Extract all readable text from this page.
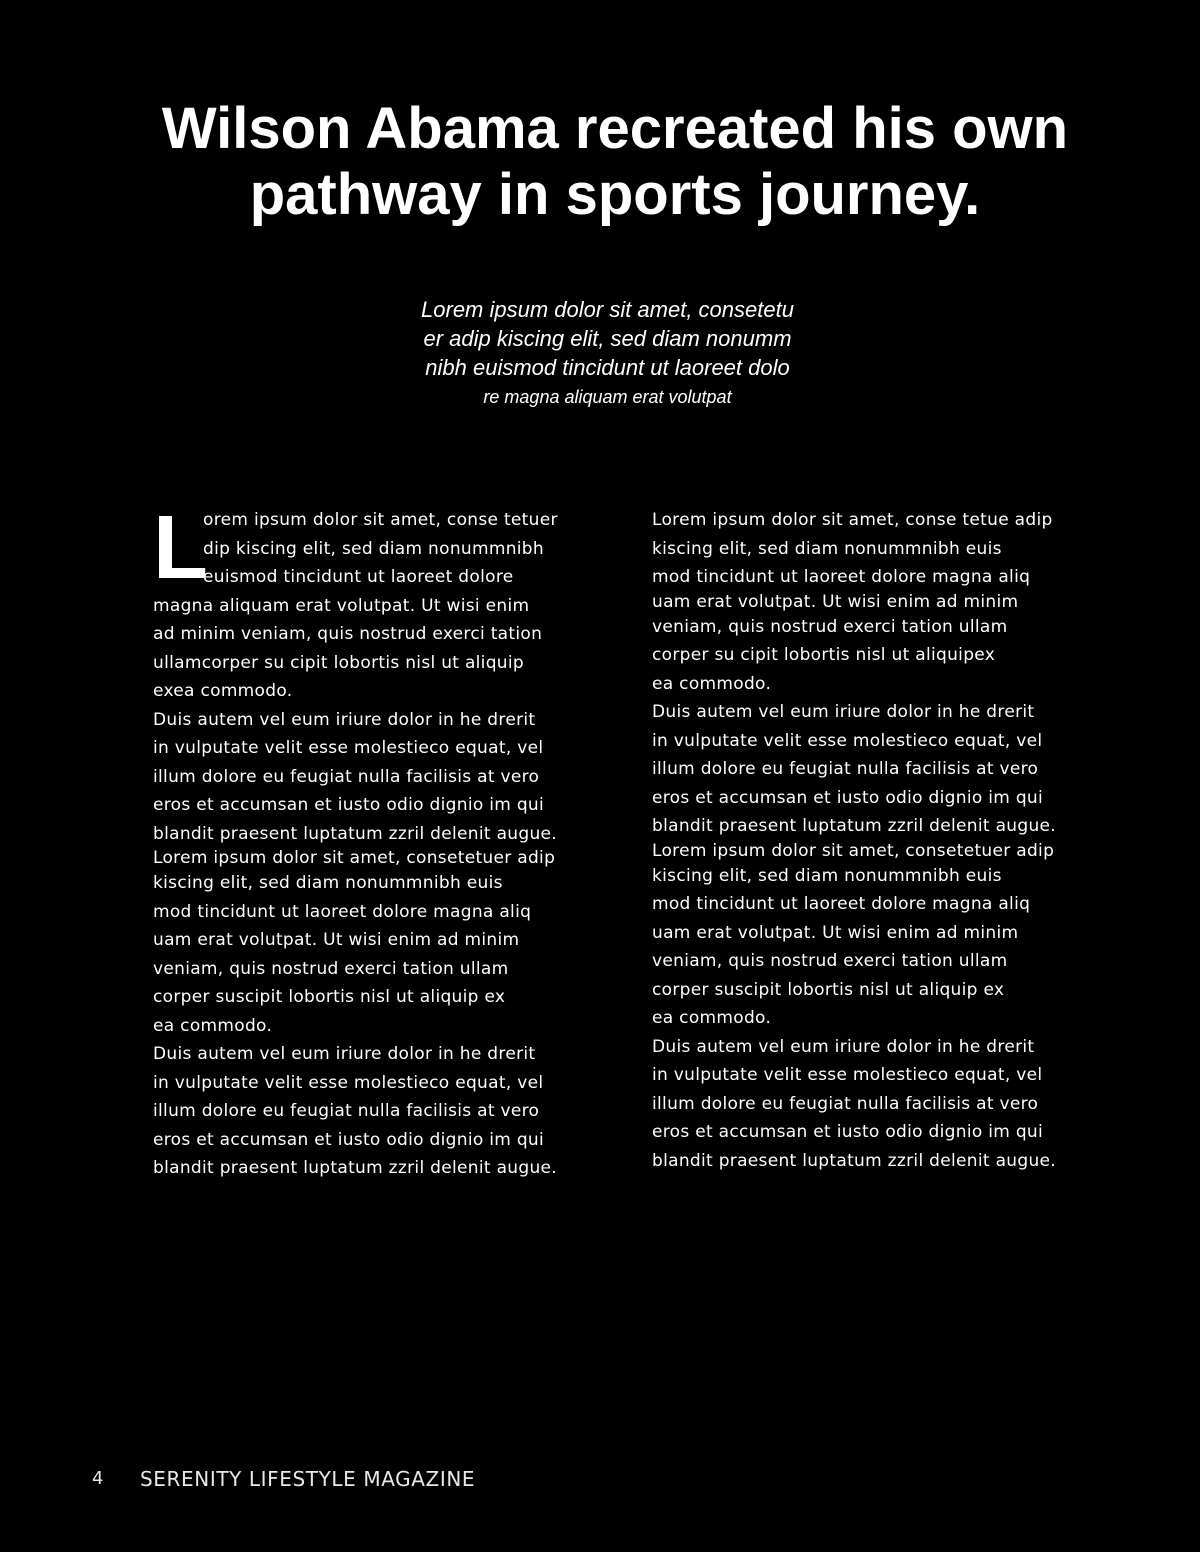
Wilson Abama recreated his own
pathway in sports journey.
Lorem ipsum dolor sit amet, consetetu
er adip kiscing elit, sed diam nonumm
nibh euismod tincidunt ut laoreet dolo
re magna aliquam erat volutpat
L
orem ipsum dolor sit amet, conse tetuer
dip kiscing elit, sed diam nonummnibh
euismod tincidunt ut laoreet dolore
magna aliquam erat volutpat. Ut wisi enim
ad minim veniam, quis nostrud exerci tation
ullamcorper su cipit lobortis nisl ut aliquip
exea commodo.
Duis autem vel eum iriure dolor in he drerit
in vulputate velit esse molestieco equat, vel
illum dolore eu feugiat nulla facilisis at vero
eros et accumsan et iusto odio dignio im qui
blandit praesent luptatum zzril delenit augue.
Lorem ipsum dolor sit amet, consetetuer adip
kiscing elit, sed diam nonummnibh euis
mod tincidunt ut laoreet dolore magna aliq
uam erat volutpat. Ut wisi enim ad minim
veniam, quis nostrud exerci tation ullam
corper suscipit lobortis nisl ut aliquip ex
ea commodo.
Duis autem vel eum iriure dolor in he drerit
in vulputate velit esse molestieco equat, vel
illum dolore eu feugiat nulla facilisis at vero
eros et accumsan et iusto odio dignio im qui
blandit praesent luptatum zzril delenit augue.
Lorem ipsum dolor sit amet, conse tetue adip
kiscing elit, sed diam nonummnibh euis
mod tincidunt ut laoreet dolore magna aliq
uam erat volutpat. Ut wisi enim ad minim
veniam, quis nostrud exerci tation ullam
corper su cipit lobortis nisl ut aliquipex
ea commodo.
Duis autem vel eum iriure dolor in he drerit
in vulputate velit esse molestieco equat, vel
illum dolore eu feugiat nulla facilisis at vero
eros et accumsan et iusto odio dignio im qui
blandit praesent luptatum zzril delenit augue.
Lorem ipsum dolor sit amet, consetetuer adip
kiscing elit, sed diam nonummnibh euis
mod tincidunt ut laoreet dolore magna aliq
uam erat volutpat. Ut wisi enim ad minim
veniam, quis nostrud exerci tation ullam
corper suscipit lobortis nisl ut aliquip ex
ea commodo.
Duis autem vel eum iriure dolor in he drerit
in vulputate velit esse molestieco equat, vel
illum dolore eu feugiat nulla facilisis at vero
eros et accumsan et iusto odio dignio im qui
blandit praesent luptatum zzril delenit augue.
4 SERENITY LIFESTYLE MAGAZINE
